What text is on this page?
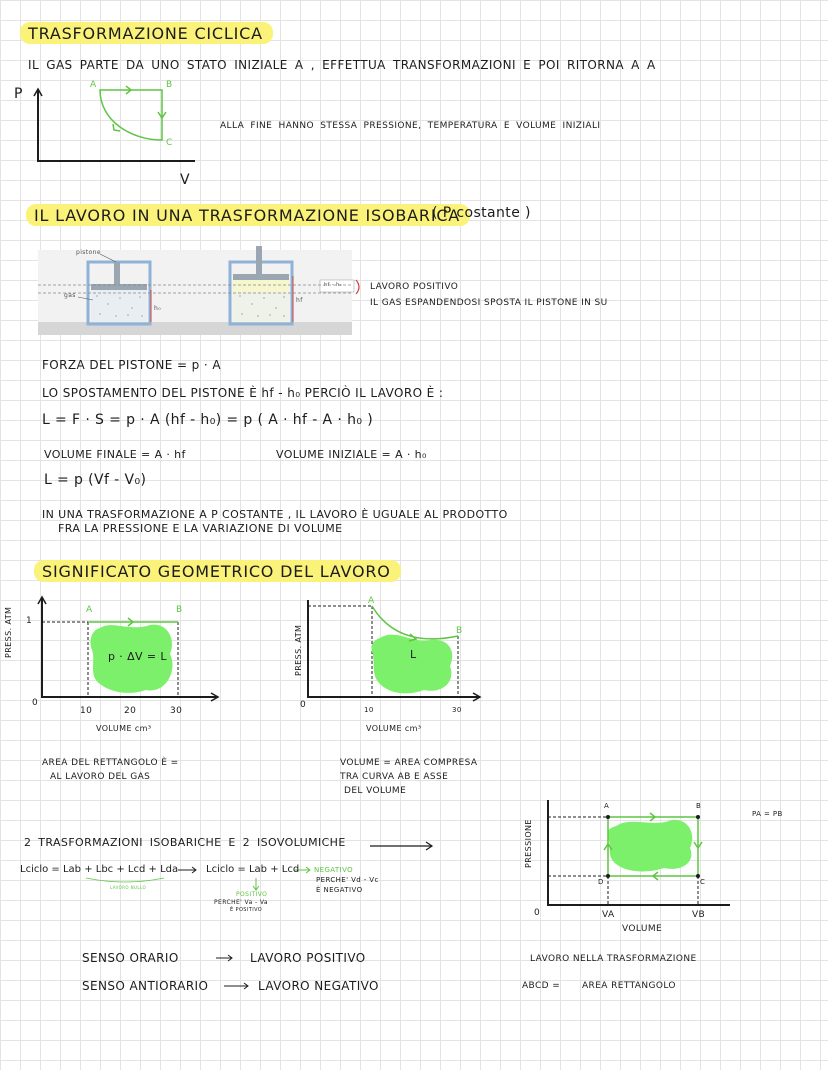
TRASFORMAZIONE CICLICA
IL GAS PARTE DA UNO STATO INIZIALE A , EFFETTUA TRANSFORMAZIONI E POI RITORNA A A
P
V
A	B
C
ALLA FINE HANNO STESSA PRESSIONE, TEMPERATURA E VOLUME INIZIALI
IL LAVORO IN UNA TRASFORMAZIONE ISOBARICA
( P costante )
pistone
gas
h₀
hf
hf - h₀	LAVORO POSITIVO
IL GAS ESPANDENDOSI SPOSTA IL PISTONE IN SU
FORZA DEL PISTONE = p · A
LO SPOSTAMENTO DEL PISTONE È hf - h₀ PERCIÒ IL LAVORO È :
L = F · S = p · A (hf - h₀) = p ( A · hf - A · h₀ )
VOLUME FINALE = A · hf	VOLUME INIZIALE = A · h₀
L = p (Vf - V₀)
IN UNA TRASFORMAZIONE A P COSTANTE , IL LAVORO È UGUALE AL PRODOTTO
FRA LA PRESSIONE E LA VARIAZIONE DI VOLUME
SIGNIFICATO GEOMETRICO DEL LAVORO
PRESS. ATM 1
0
10	20	30
VOLUME cm³
A	B
p · ΔV = L
AREA DEL RETTANGOLO È =
AL LAVORO DEL GAS
PRESS. ATM
0	10	30
VOLUME cm³
A
B
L
VOLUME = AREA COMPRESA
TRA CURVA AB E ASSE
DEL VOLUME
2 TRASFORMAZIONI ISOBARICHE E 2 ISOVOLUMICHE
Lciclo = Lab + Lbc + Lcd + Lda
LAVORO NULLO
Lciclo = Lab + Lcd NEGATIVO
PERCHE' Vd - Vc
È NEGATIVO
POSITIVO
PERCHE' Va - Va
È POSITIVO
PRESSIONE
0
A	B
C
D
VA	VB
VOLUME
PA = PB
SENSO ORARIO	LAVORO POSITIVO
SENSO ANTIORARIO	LAVORO NEGATIVO
LAVORO NELLA TRASFORMAZIONE
ABCD = AREA RETTANGOLO
